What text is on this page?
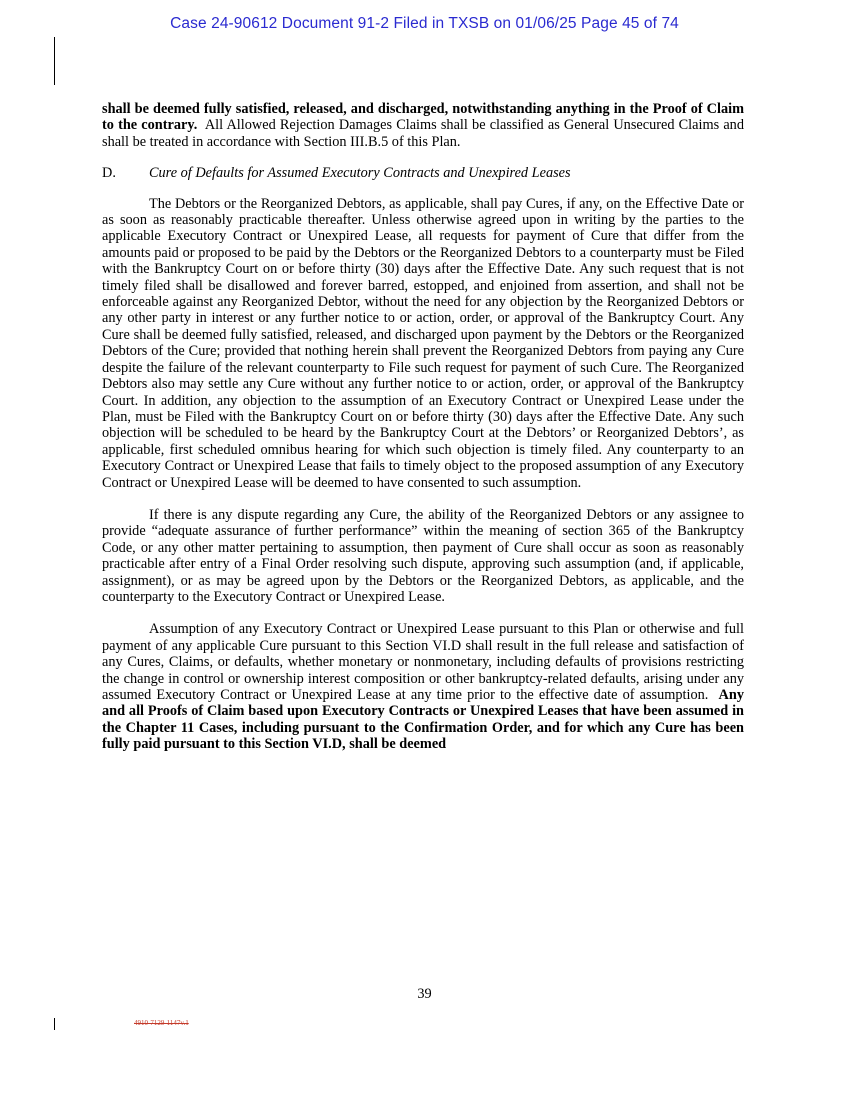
Case 24-90612 Document 91-2 Filed in TXSB on 01/06/25 Page 45 of 74

shall be deemed fully satisfied, released, and discharged, notwithstanding anything in the Proof of Claim to the contrary. All Allowed Rejection Damages Claims shall be classified as General Unsecured Claims and shall be treated in accordance with Section III.B.5 of this Plan.

D. Cure of Defaults for Assumed Executory Contracts and Unexpired Leases

The Debtors or the Reorganized Debtors, as applicable, shall pay Cures, if any, on the Effective Date or as soon as reasonably practicable thereafter. Unless otherwise agreed upon in writing by the parties to the applicable Executory Contract or Unexpired Lease, all requests for payment of Cure that differ from the amounts paid or proposed to be paid by the Debtors or the Reorganized Debtors to a counterparty must be Filed with the Bankruptcy Court on or before thirty (30) days after the Effective Date. Any such request that is not timely filed shall be disallowed and forever barred, estopped, and enjoined from assertion, and shall not be enforceable against any Reorganized Debtor, without the need for any objection by the Reorganized Debtors or any other party in interest or any further notice to or action, order, or approval of the Bankruptcy Court. Any Cure shall be deemed fully satisfied, released, and discharged upon payment by the Debtors or the Reorganized Debtors of the Cure; provided that nothing herein shall prevent the Reorganized Debtors from paying any Cure despite the failure of the relevant counterparty to File such request for payment of such Cure. The Reorganized Debtors also may settle any Cure without any further notice to or action, order, or approval of the Bankruptcy Court. In addition, any objection to the assumption of an Executory Contract or Unexpired Lease under the Plan, must be Filed with the Bankruptcy Court on or before thirty (30) days after the Effective Date. Any such objection will be scheduled to be heard by the Bankruptcy Court at the Debtors’ or Reorganized Debtors’, as applicable, first scheduled omnibus hearing for which such objection is timely filed. Any counterparty to an Executory Contract or Unexpired Lease that fails to timely object to the proposed assumption of any Executory Contract or Unexpired Lease will be deemed to have consented to such assumption.

If there is any dispute regarding any Cure, the ability of the Reorganized Debtors or any assignee to provide “adequate assurance of further performance” within the meaning of section 365 of the Bankruptcy Code, or any other matter pertaining to assumption, then payment of Cure shall occur as soon as reasonably practicable after entry of a Final Order resolving such dispute, approving such assumption (and, if applicable, assignment), or as may be agreed upon by the Debtors or the Reorganized Debtors, as applicable, and the counterparty to the Executory Contract or Unexpired Lease.

Assumption of any Executory Contract or Unexpired Lease pursuant to this Plan or otherwise and full payment of any applicable Cure pursuant to this Section VI.D shall result in the full release and satisfaction of any Cures, Claims, or defaults, whether monetary or nonmonetary, including defaults of provisions restricting the change in control or ownership interest composition or other bankruptcy-related defaults, arising under any assumed Executory Contract or Unexpired Lease at any time prior to the effective date of assumption. Any and all Proofs of Claim based upon Executory Contracts or Unexpired Leases that have been assumed in the Chapter 11 Cases, including pursuant to the Confirmation Order, and for which any Cure has been fully paid pursuant to this Section VI.D, shall be deemed

39
4910-7129-1147v.1
